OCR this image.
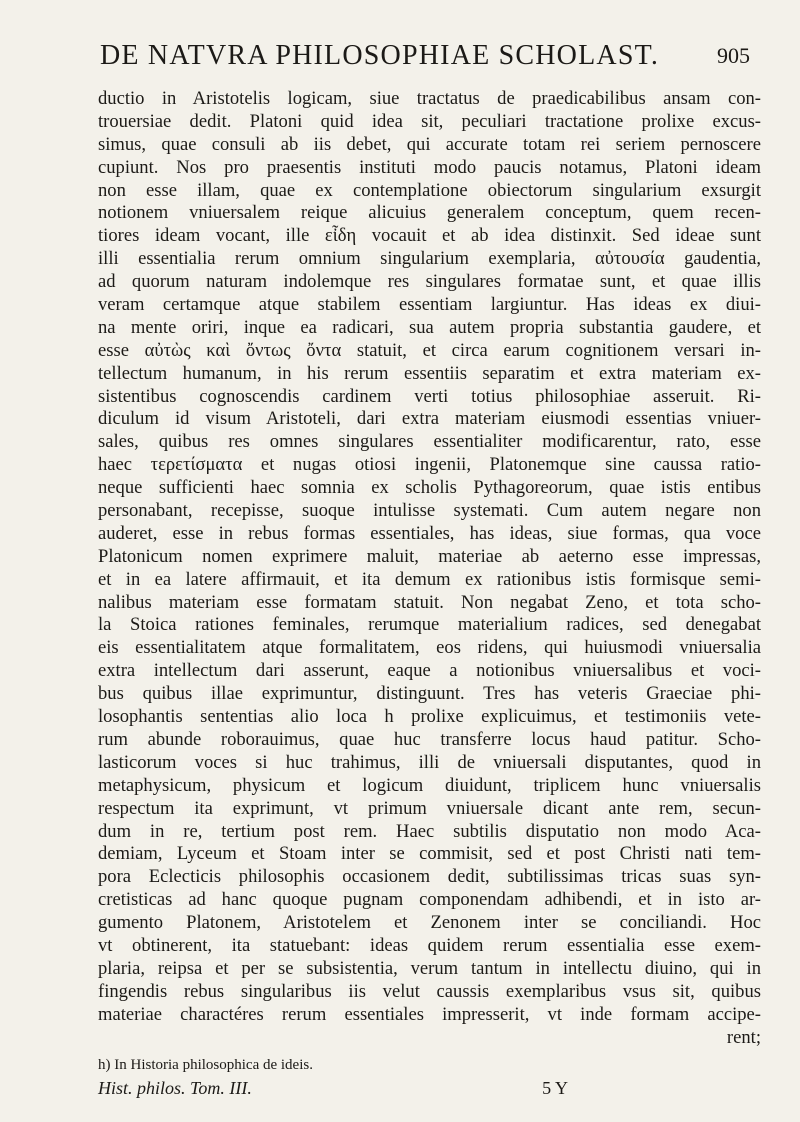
DE NATVRA PHILOSOPHIAE SCHOLAST.	905
ductio in Aristotelis logicam, siue tractatus de praedicabilibus ansam con-
trouersiae dedit. Platoni quid idea sit, peculiari tractatione prolixe excus-
simus, quae consuli ab iis debet, qui accurate totam rei seriem pernoscere
cupiunt. Nos pro praesentis instituti modo paucis notamus, Platoni ideam
non esse illam, quae ex contemplatione obiectorum singularium exsurgit
notionem vniuersalem reique alicuius generalem conceptum, quem recen-
tiores ideam vocant, ille εἶδη vocauit et ab idea distinxit. Sed ideae sunt
illi essentialia rerum omnium singularium exemplaria, αὐτουσία gaudentia,
ad quorum naturam indolemque res singulares formatae sunt, et quae illis
veram certamque atque stabilem essentiam largiuntur. Has ideas ex diui-
na mente oriri, inque ea radicari, sua autem propria substantia gaudere, et
esse αὐτὼς καὶ ὄντως ὄντα statuit, et circa earum cognitionem versari in-
tellectum humanum, in his rerum essentiis separatim et extra materiam ex-
sistentibus cognoscendis cardinem verti totius philosophiae asseruit. Ri-
diculum id visum Aristoteli, dari extra materiam eiusmodi essentias vniuer-
sales, quibus res omnes singulares essentialiter modificarentur, rato, esse
haec τερετίσματα et nugas otiosi ingenii, Platonemque sine caussa ratio-
neque sufficienti haec somnia ex scholis Pythagoreorum, quae istis entibus
personabant, recepisse, suoque intulisse systemati. Cum autem negare non
auderet, esse in rebus formas essentiales, has ideas, siue formas, qua voce
Platonicum nomen exprimere maluit, materiae ab aeterno esse impressas,
et in ea latere affirmauit, et ita demum ex rationibus istis formisque semi-
nalibus materiam esse formatam statuit. Non negabat Zeno, et tota scho-
la Stoica rationes feminales, rerumque materialium radices, sed denegabat
eis essentialitatem atque formalitatem, eos ridens, qui huiusmodi vniuersalia
extra intellectum dari asserunt, eaque a notionibus vniuersalibus et voci-
bus quibus illae exprimuntur, distinguunt. Tres has veteris Graeciae phi-
losophantis sententias alio loca h prolixe explicuimus, et testimoniis vete-
rum abunde roborauimus, quae huc transferre locus haud patitur. Scho-
lasticorum voces si huc trahimus, illi de vniuersali disputantes, quod in
metaphysicum, physicum et logicum diuidunt, triplicem hunc vniuersalis
respectum ita exprimunt, vt primum vniuersale dicant ante rem, secun-
dum in re, tertium post rem. Haec subtilis disputatio non modo Aca-
demiam, Lyceum et Stoam inter se commisit, sed et post Christi nati tem-
pora Eclecticis philosophis occasionem dedit, subtilissimas tricas suas syn-
cretisticas ad hanc quoque pugnam componendam adhibendi, et in isto ar-
gumento Platonem, Aristotelem et Zenonem inter se conciliandi. Hoc
vt obtinerent, ita statuebant: ideas quidem rerum essentialia esse exem-
plaria, reipsa et per se subsistentia, verum tantum in intellectu diuino, qui in
fingendis rebus singularibus iis velut caussis exemplaribus vsus sit, quibus
materiae charactéres rerum essentiales impresserit, vt inde formam accipe-
rent;
h) In Historia philosophica de ideis.
Hist. philos. Tom. III.	5 Y
